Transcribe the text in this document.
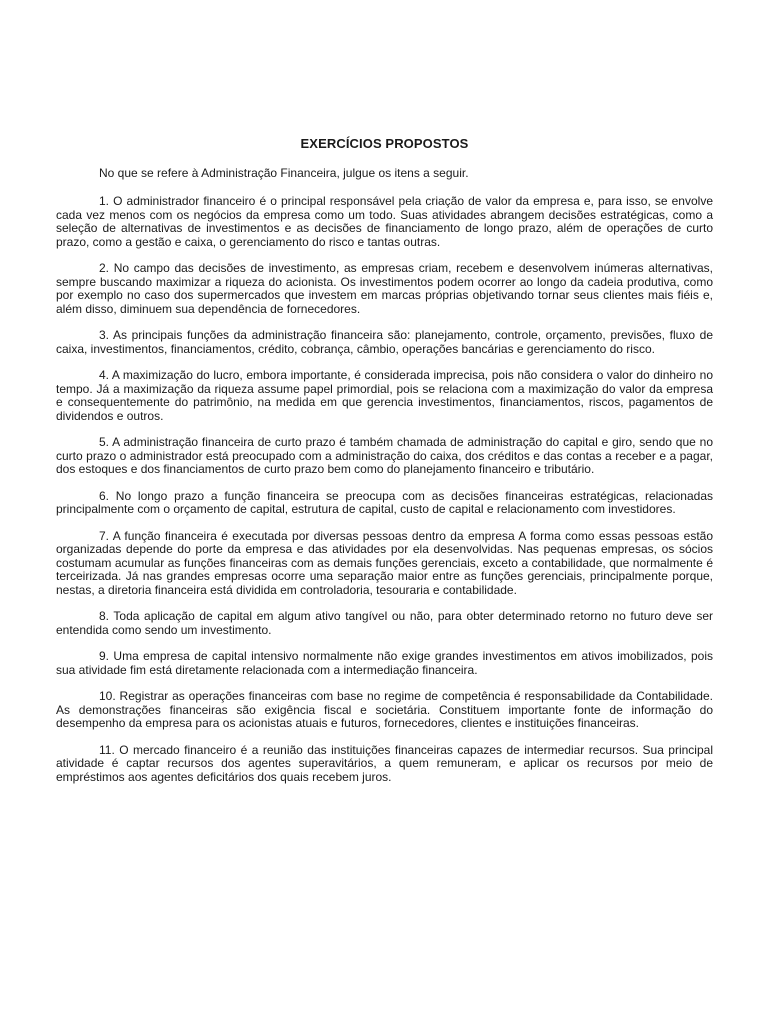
EXERCÍCIOS PROPOSTOS

No que se refere à Administração Financeira, julgue os itens a seguir.

1. O administrador financeiro é o principal responsável pela criação de valor da empresa e, para isso, se envolve cada vez menos com os negócios da empresa como um todo. Suas atividades abrangem decisões estratégicas, como a seleção de alternativas de investimentos e as decisões de financiamento de longo prazo, além de operações de curto prazo, como a gestão e caixa, o gerenciamento do risco e tantas outras.

2. No campo das decisões de investimento, as empresas criam, recebem e desenvolvem inúmeras alternativas, sempre buscando maximizar a riqueza do acionista. Os investimentos podem ocorrer ao longo da cadeia produtiva, como por exemplo no caso dos supermercados que investem em marcas próprias objetivando tornar seus clientes mais fiéis e, além disso, diminuem sua dependência de fornecedores.

3. As principais funções da administração financeira são: planejamento, controle, orçamento, previsões, fluxo de caixa, investimentos, financiamentos, crédito, cobrança, câmbio, operações bancárias e gerenciamento do risco.

4. A maximização do lucro, embora importante, é considerada imprecisa, pois não considera o valor do dinheiro no tempo. Já a maximização da riqueza assume papel primordial, pois se relaciona com a maximização do valor da empresa e consequentemente do patrimônio, na medida em que gerencia investimentos, financiamentos, riscos, pagamentos de dividendos e outros.

5. A administração financeira de curto prazo é também chamada de administração do capital e giro, sendo que no curto prazo o administrador está preocupado com a administração do caixa, dos créditos e das contas a receber e a pagar, dos estoques e dos financiamentos de curto prazo bem como do planejamento financeiro e tributário.

6. No longo prazo a função financeira se preocupa com as decisões financeiras estratégicas, relacionadas principalmente com o orçamento de capital, estrutura de capital, custo de capital e relacionamento com investidores.

7. A função financeira é executada por diversas pessoas dentro da empresa A forma como essas pessoas estão organizadas depende do porte da empresa e das atividades por ela desenvolvidas. Nas pequenas empresas, os sócios costumam acumular as funções financeiras com as demais funções gerenciais, exceto a contabilidade, que normalmente é terceirizada. Já nas grandes empresas ocorre uma separação maior entre as funções gerenciais, principalmente porque, nestas, a diretoria financeira está dividida em controladoria, tesouraria e contabilidade.

8. Toda aplicação de capital em algum ativo tangível ou não, para obter determinado retorno no futuro deve ser entendida como sendo um investimento.

9. Uma empresa de capital intensivo normalmente não exige grandes investimentos em ativos imobilizados, pois sua atividade fim está diretamente relacionada com a intermediação financeira.

10. Registrar as operações financeiras com base no regime de competência é responsabilidade da Contabilidade. As demonstrações financeiras são exigência fiscal e societária. Constituem importante fonte de informação do desempenho da empresa para os acionistas atuais e futuros, fornecedores, clientes e instituições financeiras.

11. O mercado financeiro é a reunião das instituições financeiras capazes de intermediar recursos. Sua principal atividade é captar recursos dos agentes superavitários, a quem remuneram, e aplicar os recursos por meio de empréstimos aos agentes deficitários dos quais recebem juros.
